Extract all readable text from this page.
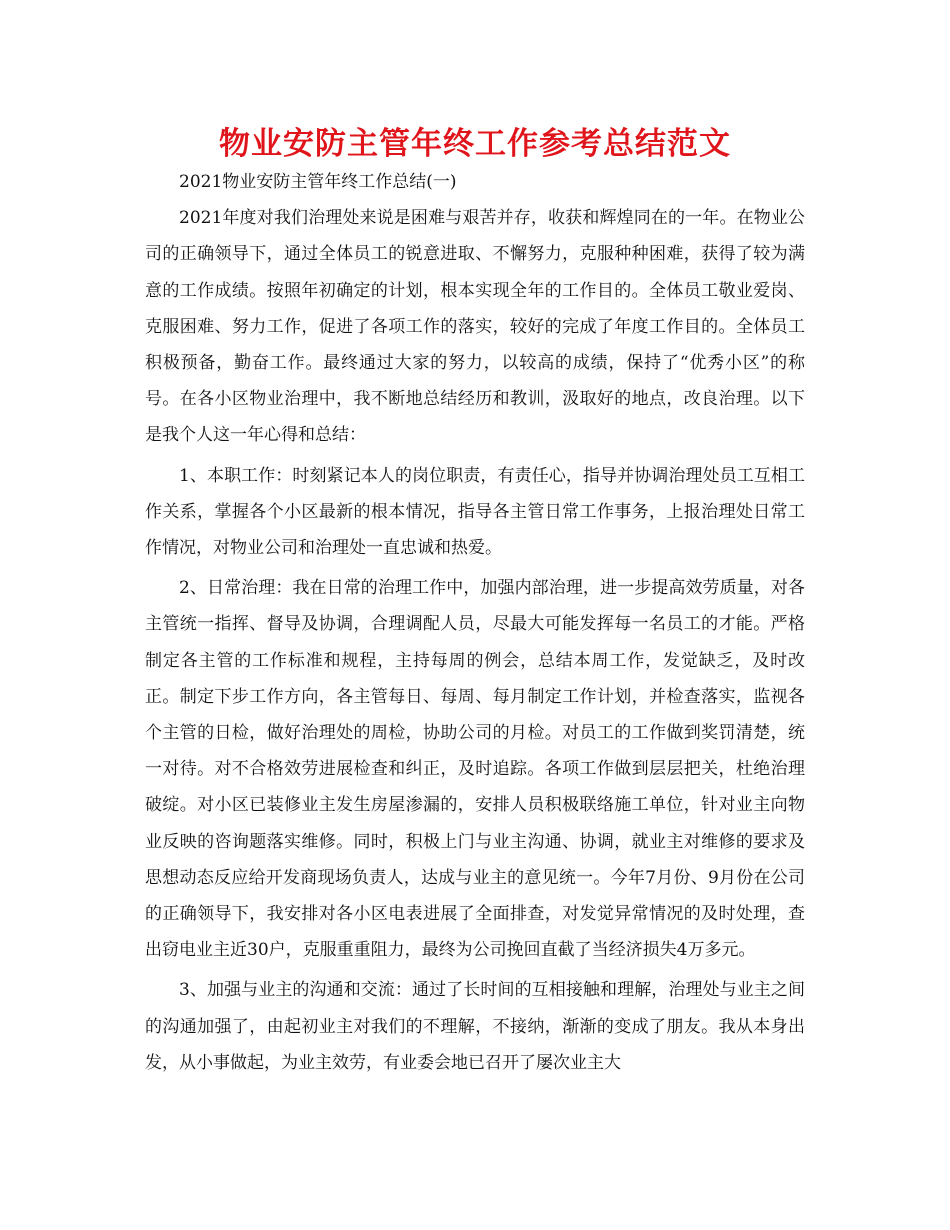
物业安防主管年终工作参考总结范文

2021物业安防主管年终工作总结(一)

2021年度对我们治理处来说是困难与艰苦并存，收获和辉煌同在的一年。在物业公司的正确领导下，通过全体员工的锐意进取、不懈努力，克服种种困难，获得了较为满意的工作成绩。按照年初确定的计划，根本实现全年的工作目的。全体员工敬业爱岗、克服困难、努力工作，促进了各项工作的落实，较好的完成了年度工作目的。全体员工积极预备，勤奋工作。最终通过大家的努力，以较高的成绩，保持了“优秀小区”的称号。在各小区物业治理中，我不断地总结经历和教训，汲取好的地点，改良治理。以下是我个人这一年心得和总结：

1、本职工作：时刻紧记本人的岗位职责，有责任心，指导并协调治理处员工互相工作关系，掌握各个小区最新的根本情况，指导各主管日常工作事务，上报治理处日常工作情况，对物业公司和治理处一直忠诚和热爱。

2、日常治理：我在日常的治理工作中，加强内部治理，进一步提高效劳质量，对各主管统一指挥、督导及协调，合理调配人员，尽最大可能发挥每一名员工的才能。严格制定各主管的工作标准和规程，主持每周的例会，总结本周工作，发觉缺乏，及时改正。制定下步工作方向，各主管每日、每周、每月制定工作计划，并检查落实，监视各个主管的日检，做好治理处的周检，协助公司的月检。对员工的工作做到奖罚清楚，统一对待。对不合格效劳进展检查和纠正，及时追踪。各项工作做到层层把关，杜绝治理破绽。对小区已装修业主发生房屋渗漏的，安排人员积极联络施工单位，针对业主向物业反映的咨询题落实维修。同时，积极上门与业主沟通、协调，就业主对维修的要求及思想动态反应给开发商现场负责人，达成与业主的意见统一。今年7月份、9月份在公司的正确领导下，我安排对各小区电表进展了全面排查，对发觉异常情况的及时处理，查出窃电业主近30户，克服重重阻力，最终为公司挽回直截了当经济损失4万多元。

3、加强与业主的沟通和交流：通过了长时间的互相接触和理解，治理处与业主之间的沟通加强了，由起初业主对我们的不理解，不接纳，渐渐的变成了朋友。我从本身出发，从小事做起，为业主效劳，有业委会地已召开了屡次业主大
